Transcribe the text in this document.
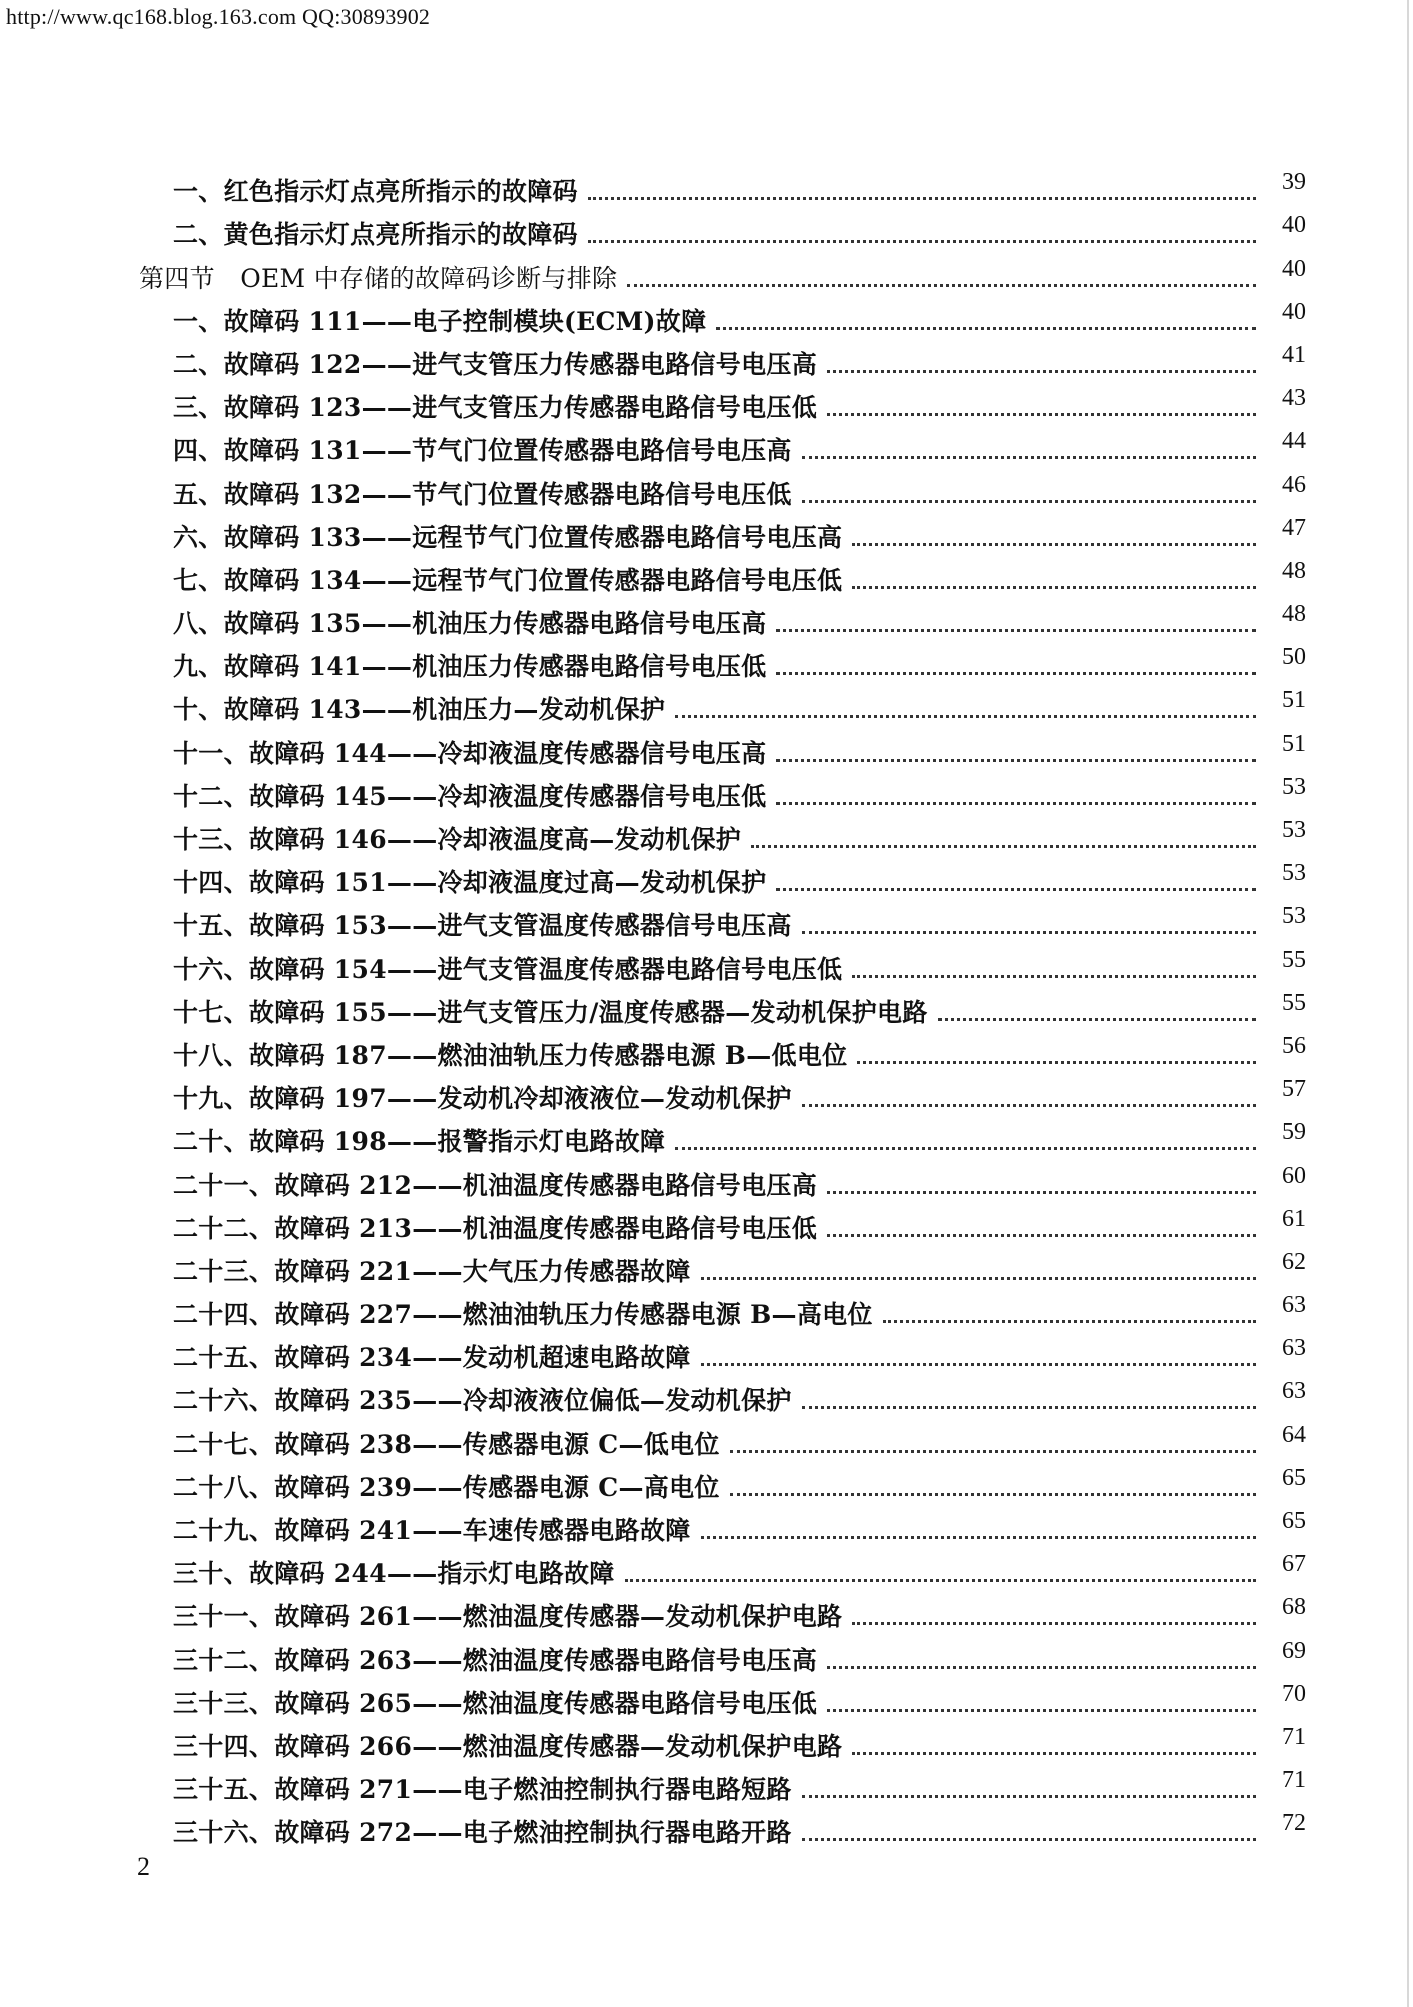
http://www.qc168.blog.163.com QQ:30893902
一、红色指示灯点亮所指示的故障码	39
二、黄色指示灯点亮所指示的故障码	40
第四节　OEM 中存储的故障码诊断与排除	40
一、故障码 111——电子控制模块(ECM)故障	40
二、故障码 122——进气支管压力传感器电路信号电压高	41
三、故障码 123——进气支管压力传感器电路信号电压低	43
四、故障码 131——节气门位置传感器电路信号电压高	44
五、故障码 132——节气门位置传感器电路信号电压低	46
六、故障码 133——远程节气门位置传感器电路信号电压高	47
七、故障码 134——远程节气门位置传感器电路信号电压低	48
八、故障码 135——机油压力传感器电路信号电压高	48
九、故障码 141——机油压力传感器电路信号电压低	50
十、故障码 143——机油压力—发动机保护	51
十一、故障码 144——冷却液温度传感器信号电压高	51
十二、故障码 145——冷却液温度传感器信号电压低	53
十三、故障码 146——冷却液温度高—发动机保护	53
十四、故障码 151——冷却液温度过高—发动机保护	53
十五、故障码 153——进气支管温度传感器信号电压高	53
十六、故障码 154——进气支管温度传感器电路信号电压低	55
十七、故障码 155——进气支管压力/温度传感器—发动机保护电路	55
十八、故障码 187——燃油油轨压力传感器电源 B—低电位	56
十九、故障码 197——发动机冷却液液位—发动机保护	57
二十、故障码 198——报警指示灯电路故障	59
二十一、故障码 212——机油温度传感器电路信号电压高	60
二十二、故障码 213——机油温度传感器电路信号电压低	61
二十三、故障码 221——大气压力传感器故障	62
二十四、故障码 227——燃油油轨压力传感器电源 B—高电位	63
二十五、故障码 234——发动机超速电路故障	63
二十六、故障码 235——冷却液液位偏低—发动机保护	63
二十七、故障码 238——传感器电源 C—低电位	64
二十八、故障码 239——传感器电源 C—高电位	65
二十九、故障码 241——车速传感器电路故障	65
三十、故障码 244——指示灯电路故障	67
三十一、故障码 261——燃油温度传感器—发动机保护电路	68
三十二、故障码 263——燃油温度传感器电路信号电压高	69
三十三、故障码 265——燃油温度传感器电路信号电压低	70
三十四、故障码 266——燃油温度传感器—发动机保护电路	71
三十五、故障码 271——电子燃油控制执行器电路短路	71
三十六、故障码 272——电子燃油控制执行器电路开路	72
2
